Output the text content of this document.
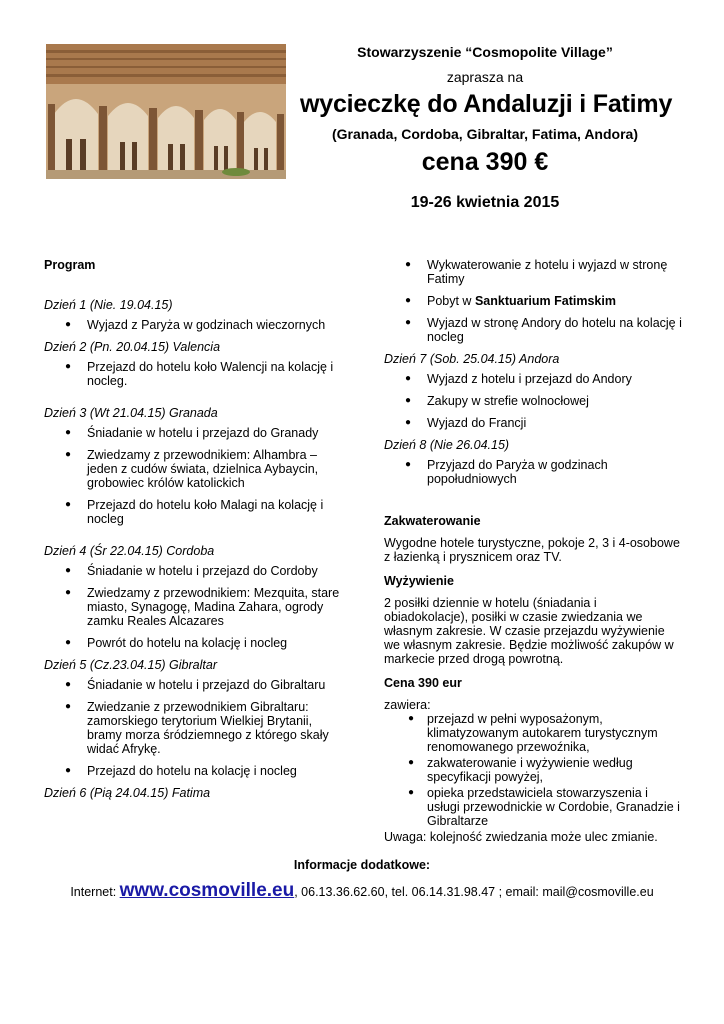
Stowarzyszenie “Cosmopolite Village”
zaprasza na
wycieczkę do Andaluzji i Fatimy
(Granada, Cordoba, Gibraltar, Fatima, Andora)
cena 390 €
19-26 kwietnia 2015
Program
Dzień 1 (Nie. 19.04.15)
● Wyjazd z Paryża w godzinach wieczornych
Dzień 2 (Pn. 20.04.15) Valencia
● Przejazd do hotelu koło Walencji na kolację i nocleg.
Dzień 3 (Wt 21.04.15) Granada
● Śniadanie w hotelu i przejazd do Granady
● Zwiedzamy z przewodnikiem: Alhambra – jeden z cudów świata, dzielnica Aybaycin, grobowiec królów katolickich
● Przejazd do hotelu koło Malagi na kolację i nocleg
Dzień 4 (Śr 22.04.15) Cordoba
● Śniadanie w hotelu i przejazd do Cordoby
● Zwiedzamy z przewodnikiem: Mezquita, stare miasto, Synagogę, Madina Zahara, ogrody zamku Reales Alcazares
● Powrót do hotelu na kolację i nocleg
Dzień 5 (Cz.23.04.15) Gibraltar
● Śniadanie w hotelu i przejazd do Gibraltaru
● Zwiedzanie z przewodnikiem Gibraltaru: zamorskiego terytorium Wielkiej Brytanii, bramy morza śródziemnego z którego skały widać Afrykę.
● Przejazd do hotelu na kolację i nocleg
Dzień 6 (Pią 24.04.15) Fatima
● Wykwaterowanie z hotelu i wyjazd w stronę Fatimy
● Pobyt w Sanktuarium Fatimskim
● Wyjazd w stronę Andory do hotelu na kolację i nocleg
Dzień 7 (Sob. 25.04.15) Andora
● Wyjazd z hotelu i przejazd do Andory
● Zakupy w strefie wolnocłowej
● Wyjazd do Francji
Dzień 8 (Nie 26.04.15)
● Przyjazd do Paryża w godzinach popołudniowych
Zakwaterowanie
Wygodne hotele turystyczne, pokoje 2, 3 i 4-osobowe z łazienką i prysznicem oraz TV.
Wyżywienie
2 posiłki dziennie w hotelu (śniadania i obiadokolacje), posiłki w czasie zwiedzania we własnym zakresie. W czasie przejazdu wyżywienie we własnym zakresie. Będzie możliwość zakupów w markecie przed drogą powrotną.
Cena 390 eur
zawiera:
● przejazd w pełni wyposażonym, klimatyzowanym autokarem turystycznym renomowanego przewoźnika,
● zakwaterowanie i wyżywienie według specyfikacji powyżej,
● opieka przedstawiciela stowarzyszenia i usługi przewodnickie w Cordobie, Granadzie i Gibraltarze
Uwaga: kolejność zwiedzania może ulec zmianie.
Informacje dodatkowe:
Internet: www.cosmoville.eu, 06.13.36.62.60, tel. 06.14.31.98.47 ; email: mail@cosmoville.eu
